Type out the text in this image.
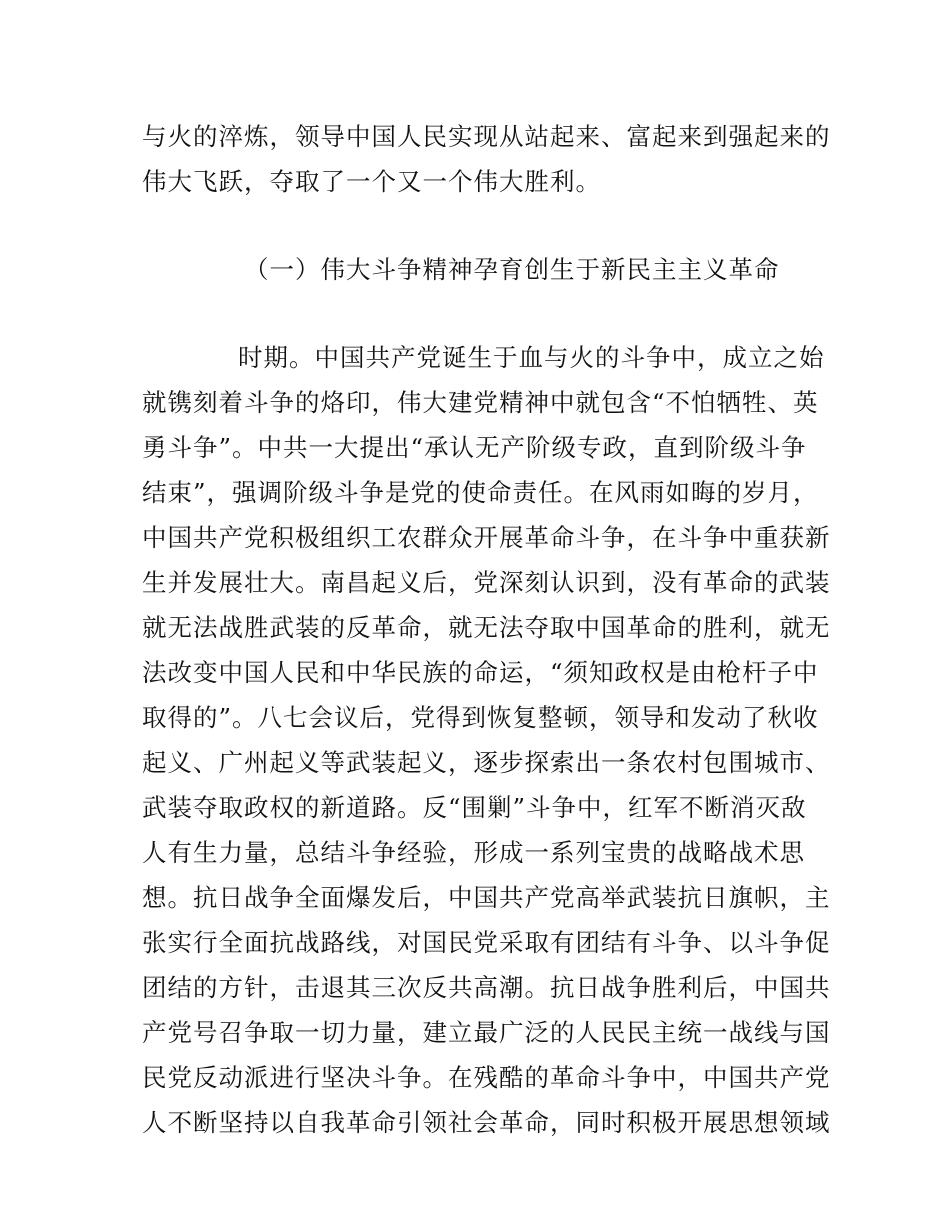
与火的淬炼，领导中国人民实现从站起来、富起来到强起来的
伟大飞跃，夺取了一个又一个伟大胜利。
（一）伟大斗争精神孕育创生于新民主主义革命
时期。中国共产党诞生于血与火的斗争中，成立之始
就镌刻着斗争的烙印，伟大建党精神中就包含“不怕牺牲、英
勇斗争”。中共一大提出“承认无产阶级专政，直到阶级斗争
结束”，强调阶级斗争是党的使命责任。在风雨如晦的岁月，
中国共产党积极组织工农群众开展革命斗争，在斗争中重获新
生并发展壮大。南昌起义后，党深刻认识到，没有革命的武装
就无法战胜武装的反革命，就无法夺取中国革命的胜利，就无
法改变中国人民和中华民族的命运，“须知政权是由枪杆子中
取得的”。八七会议后，党得到恢复整顿，领导和发动了秋收
起义、广州起义等武装起义，逐步探索出一条农村包围城市、
武装夺取政权的新道路。反“围剿”斗争中，红军不断消灭敌
人有生力量，总结斗争经验，形成一系列宝贵的战略战术思
想。抗日战争全面爆发后，中国共产党高举武装抗日旗帜，主
张实行全面抗战路线，对国民党采取有团结有斗争、以斗争促
团结的方针，击退其三次反共高潮。抗日战争胜利后，中国共
产党号召争取一切力量，建立最广泛的人民民主统一战线与国
民党反动派进行坚决斗争。在残酷的革命斗争中，中国共产党
人不断坚持以自我革命引领社会革命，同时积极开展思想领域
